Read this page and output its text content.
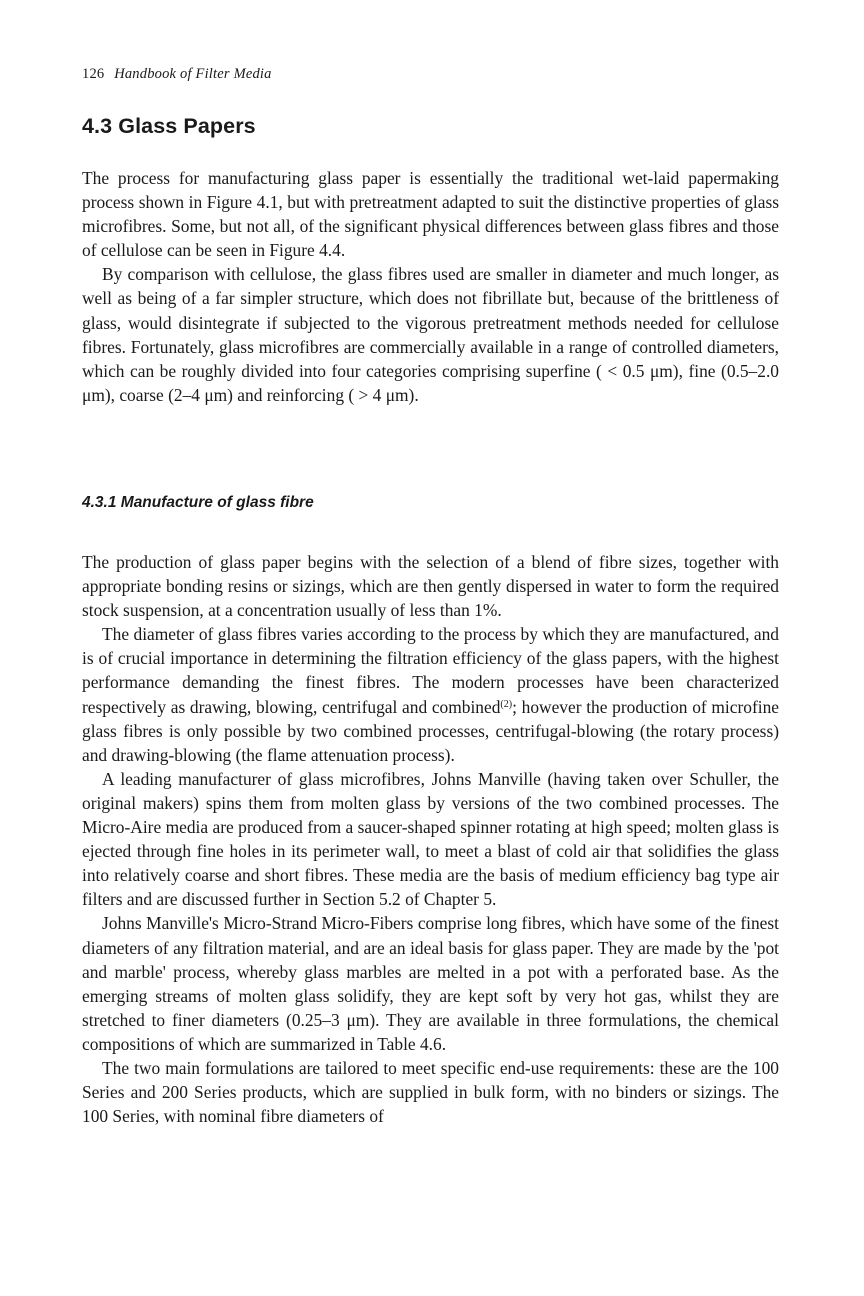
126 Handbook of Filter Media
4.3 Glass Papers

The process for manufacturing glass paper is essentially the traditional wet-laid papermaking process shown in Figure 4.1, but with pretreatment adapted to suit the distinctive properties of glass microfibres. Some, but not all, of the significant physical differences between glass fibres and those of cellulose can be seen in Figure 4.4.

By comparison with cellulose, the glass fibres used are smaller in diameter and much longer, as well as being of a far simpler structure, which does not fibrillate but, because of the brittleness of glass, would disintegrate if subjected to the vigorous pretreatment methods needed for cellulose fibres. Fortunately, glass microfibres are commercially available in a range of controlled diameters, which can be roughly divided into four categories comprising superfine ( < 0.5 μm), fine (0.5–2.0 μm), coarse (2–4 μm) and reinforcing ( > 4 μm).

4.3.1 Manufacture of glass fibre

The production of glass paper begins with the selection of a blend of fibre sizes, together with appropriate bonding resins or sizings, which are then gently dispersed in water to form the required stock suspension, at a concentration usually of less than 1%.

The diameter of glass fibres varies according to the process by which they are manufactured, and is of crucial importance in determining the filtration efficiency of the glass papers, with the highest performance demanding the finest fibres. The modern processes have been characterized respectively as drawing, blowing, centrifugal and combined$^{(2)}$; however the production of microfine glass fibres is only possible by two combined processes, centrifugal-blowing (the rotary process) and drawing-blowing (the flame attenuation process).

A leading manufacturer of glass microfibres, Johns Manville (having taken over Schuller, the original makers) spins them from molten glass by versions of the two combined processes. The Micro-Aire media are produced from a saucer-shaped spinner rotating at high speed; molten glass is ejected through fine holes in its perimeter wall, to meet a blast of cold air that solidifies the glass into relatively coarse and short fibres. These media are the basis of medium efficiency bag type air filters and are discussed further in Section 5.2 of Chapter 5.

Johns Manville's Micro-Strand Micro-Fibers comprise long fibres, which have some of the finest diameters of any filtration material, and are an ideal basis for glass paper. They are made by the 'pot and marble' process, whereby glass marbles are melted in a pot with a perforated base. As the emerging streams of molten glass solidify, they are kept soft by very hot gas, whilst they are stretched to finer diameters (0.25–3 μm). They are available in three formulations, the chemical compositions of which are summarized in Table 4.6.

The two main formulations are tailored to meet specific end-use requirements: these are the 100 Series and 200 Series products, which are supplied in bulk form, with no binders or sizings. The 100 Series, with nominal fibre diameters of
